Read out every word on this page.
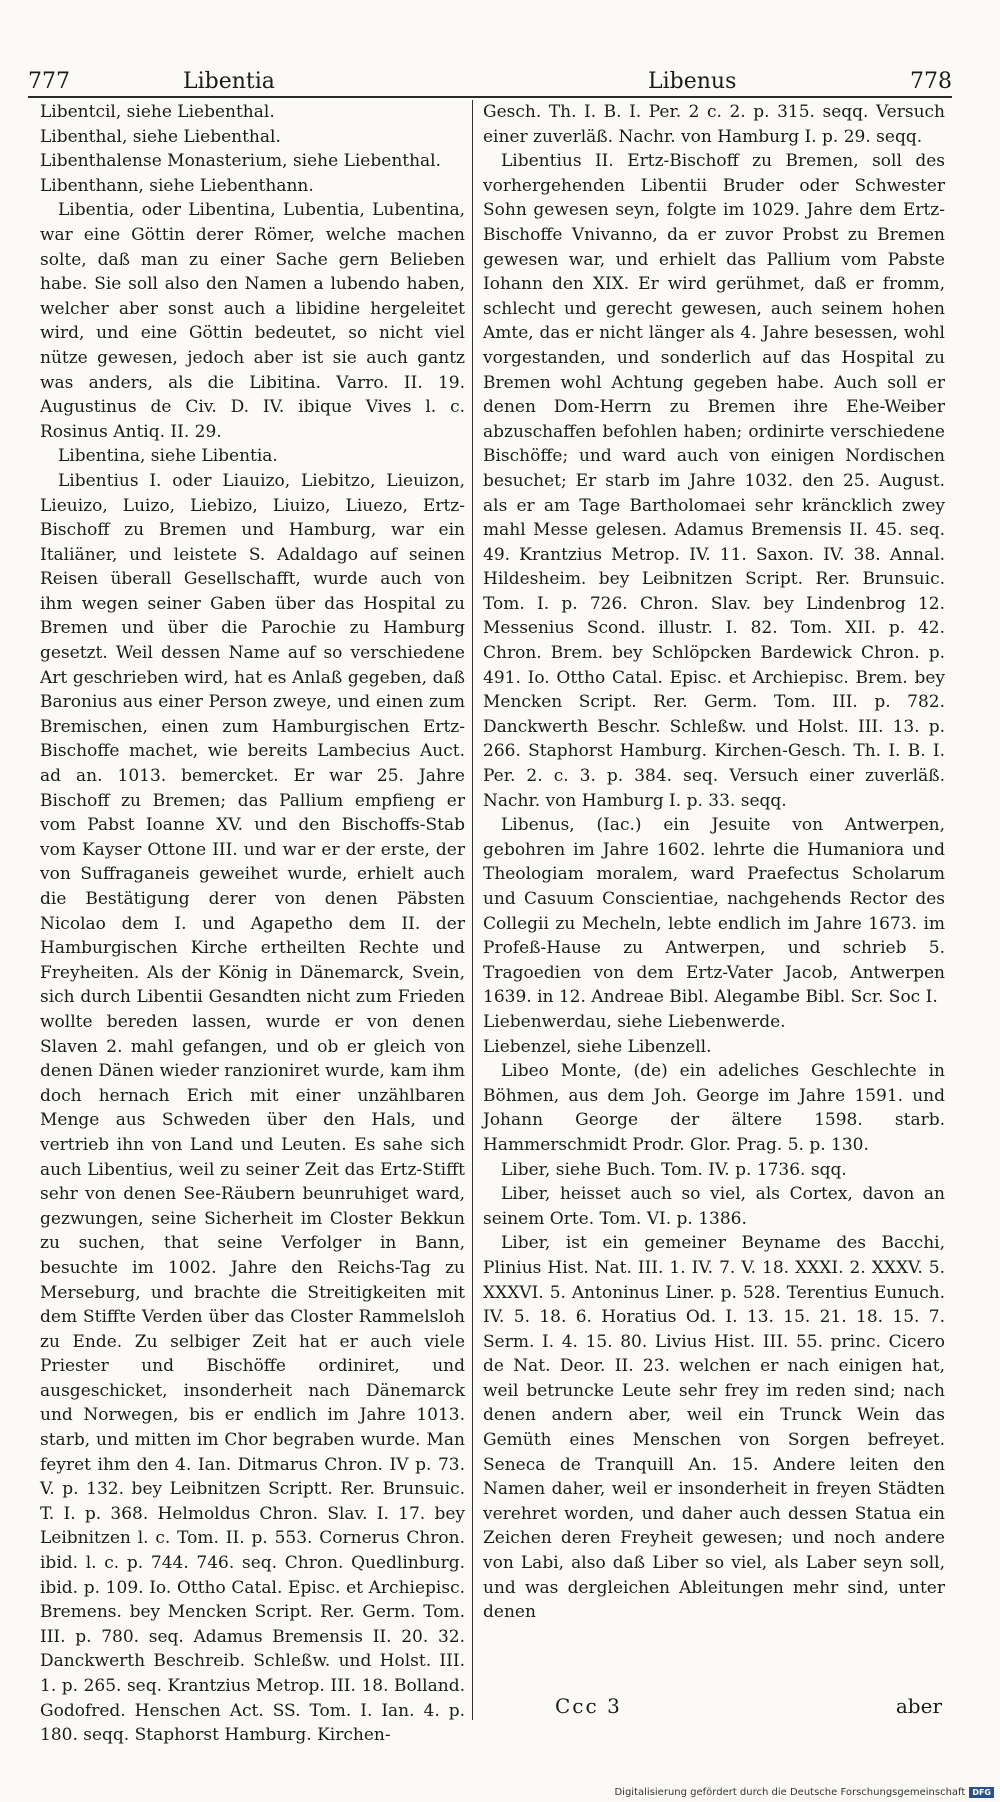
777	Libentia	Libenus	778

Libentcil, siehe Liebenthal.

Libenthal, siehe Liebenthal.

Libenthalense Monasterium, siehe Liebenthal.

Libenthann, siehe Liebenthann.

Libentia, oder Libentina, Lubentia, Lubentina, war eine Göttin derer Römer, welche machen solte, daß man zu einer Sache gern Belieben habe. Sie soll also den Namen a lubendo haben, welcher aber sonst auch a libidine hergeleitet wird, und eine Göttin bedeutet, so nicht viel nütze gewesen, jedoch aber ist sie auch gantz was anders, als die Libitina. Varro. II. 19. Augustinus de Civ. D. IV. ibique Vives l. c. Rosinus Antiq. II. 29.

Libentina, siehe Libentia.

Libentius I. oder Liauizo, Liebitzo, Lieuizon, Lieuizo, Luizo, Liebizo, Liuizo, Liuezo, Ertz-Bischoff zu Bremen und Hamburg, war ein Italiäner, und leistete S. Adaldago auf seinen Reisen überall Gesellschafft, wurde auch von ihm wegen seiner Gaben über das Hospital zu Bremen und über die Parochie zu Hamburg gesetzt. Weil dessen Name auf so verschiedene Art geschrieben wird, hat es Anlaß gegeben, daß Baronius aus einer Person zweye, und einen zum Bremischen, einen zum Hamburgischen Ertz-Bischoffe machet, wie bereits Lambecius Auct. ad an. 1013. bemercket. Er war 25. Jahre Bischoff zu Bremen; das Pallium empfieng er vom Pabst Ioanne XV. und den Bischoffs-Stab vom Kayser Ottone III. und war er der erste, der von Suffraganeis geweihet wurde, erhielt auch die Bestätigung derer von denen Päbsten Nicolao dem I. und Agapetho dem II. der Hamburgischen Kirche ertheilten Rechte und Freyheiten. Als der König in Dänemarck, Svein, sich durch Libentii Gesandten nicht zum Frieden wollte bereden lassen, wurde er von denen Slaven 2. mahl gefangen, und ob er gleich von denen Dänen wieder ranzioniret wurde, kam ihm doch hernach Erich mit einer unzählbaren Menge aus Schweden über den Hals, und vertrieb ihn von Land und Leuten. Es sahe sich auch Libentius, weil zu seiner Zeit das Ertz-Stifft sehr von denen See-Räubern beunruhiget ward, gezwungen, seine Sicherheit im Closter Bekkun zu suchen, that seine Verfolger in Bann, besuchte im 1002. Jahre den Reichs-Tag zu Merseburg, und brachte die Streitigkeiten mit dem Stiffte Verden über das Closter Rammelsloh zu Ende. Zu selbiger Zeit hat er auch viele Priester und Bischöffe ordiniret, und ausgeschicket, insonderheit nach Dänemarck und Norwegen, bis er endlich im Jahre 1013. starb, und mitten im Chor begraben wurde. Man feyret ihm den 4. Ian. Ditmarus Chron. IV p. 73. V. p. 132. bey Leibnitzen Scriptt. Rer. Brunsuic. T. I. p. 368. Helmoldus Chron. Slav. I. 17. bey Leibnitzen l. c. Tom. II. p. 553. Cornerus Chron. ibid. l. c. p. 744. 746. seq. Chron. Quedlinburg. ibid. p. 109. Io. Ottho Catal. Episc. et Archiepisc. Bremens. bey Mencken Script. Rer. Germ. Tom. III. p. 780. seq. Adamus Bremensis II. 20. 32. Danckwerth Beschreib. Schleßw. und Holst. III. 1. p. 265. seq. Krantzius Metrop. III. 18. Bolland. Godofred. Henschen Act. SS. Tom. I. Ian. 4. p. 180. seqq. Staphorst Hamburg. Kirchen-

Gesch. Th. I. B. I. Per. 2 c. 2. p. 315. seqq. Versuch einer zuverläß. Nachr. von Hamburg I. p. 29. seqq.

Libentius II. Ertz-Bischoff zu Bremen, soll des vorhergehenden Libentii Bruder oder Schwester Sohn gewesen seyn, folgte im 1029. Jahre dem Ertz-Bischoffe Vnivanno, da er zuvor Probst zu Bremen gewesen war, und erhielt das Pallium vom Pabste Iohann den XIX. Er wird gerühmet, daß er fromm, schlecht und gerecht gewesen, auch seinem hohen Amte, das er nicht länger als 4. Jahre besessen, wohl vorgestanden, und sonderlich auf das Hospital zu Bremen wohl Achtung gegeben habe. Auch soll er denen Dom-Herrn zu Bremen ihre Ehe-Weiber abzuschaffen befohlen haben; ordinirte verschiedene Bischöffe; und ward auch von einigen Nordischen besuchet; Er starb im Jahre 1032. den 25. August. als er am Tage Bartholomaei sehr kräncklich zwey mahl Messe gelesen. Adamus Bremensis II. 45. seq. 49. Krantzius Metrop. IV. 11. Saxon. IV. 38. Annal. Hildesheim. bey Leibnitzen Script. Rer. Brunsuic. Tom. I. p. 726. Chron. Slav. bey Lindenbrog 12. Messenius Scond. illustr. I. 82. Tom. XII. p. 42. Chron. Brem. bey Schlöpcken Bardewick Chron. p. 491. Io. Ottho Catal. Episc. et Archiepisc. Brem. bey Mencken Script. Rer. Germ. Tom. III. p. 782. Danckwerth Beschr. Schleßw. und Holst. III. 13. p. 266. Staphorst Hamburg. Kirchen-Gesch. Th. I. B. I. Per. 2. c. 3. p. 384. seq. Versuch einer zuverläß. Nachr. von Hamburg I. p. 33. seqq.

Libenus, (Iac.) ein Jesuite von Antwerpen, gebohren im Jahre 1602. lehrte die Humaniora und Theologiam moralem, ward Praefectus Scholarum und Casuum Conscientiae, nachgehends Rector des Collegii zu Mecheln, lebte endlich im Jahre 1673. im Profeß-Hause zu Antwerpen, und schrieb 5. Tragoedien von dem Ertz-Vater Jacob, Antwerpen 1639. in 12. Andreae Bibl. Alegambe Bibl. Scr. Soc I.

Liebenwerdau, siehe Liebenwerde.

Liebenzel, siehe Libenzell.

Libeo Monte, (de) ein adeliches Geschlechte in Böhmen, aus dem Joh. George im Jahre 1591. und Johann George der ältere 1598. starb. Hammerschmidt Prodr. Glor. Prag. 5. p. 130.

Liber, siehe Buch. Tom. IV. p. 1736. sqq.

Liber, heisset auch so viel, als Cortex, davon an seinem Orte. Tom. VI. p. 1386.

Liber, ist ein gemeiner Beyname des Bacchi, Plinius Hist. Nat. III. 1. IV. 7. V. 18. XXXI. 2. XXXV. 5. XXXVI. 5. Antoninus Liner. p. 528. Terentius Eunuch. IV. 5. 18. 6. Horatius Od. I. 13. 15. 21. 18. 15. 7. Serm. I. 4. 15. 80. Livius Hist. III. 55. princ. Cicero de Nat. Deor. II. 23. welchen er nach einigen hat, weil betruncke Leute sehr frey im reden sind; nach denen andern aber, weil ein Trunck Wein das Gemüth eines Menschen von Sorgen befreyet. Seneca de Tranquill An. 15. Andere leiten den Namen daher, weil er insonderheit in freyen Städten verehret worden, und daher auch dessen Statua ein Zeichen deren Freyheit gewesen; und noch andere von Labi, also daß Liber so viel, als Laber seyn soll, und was dergleichen Ableitungen mehr sind, unter denen

Ccc 3	aber
Digitalisierung gefördert durch die Deutsche Forschungsgemeinschaft DFG
